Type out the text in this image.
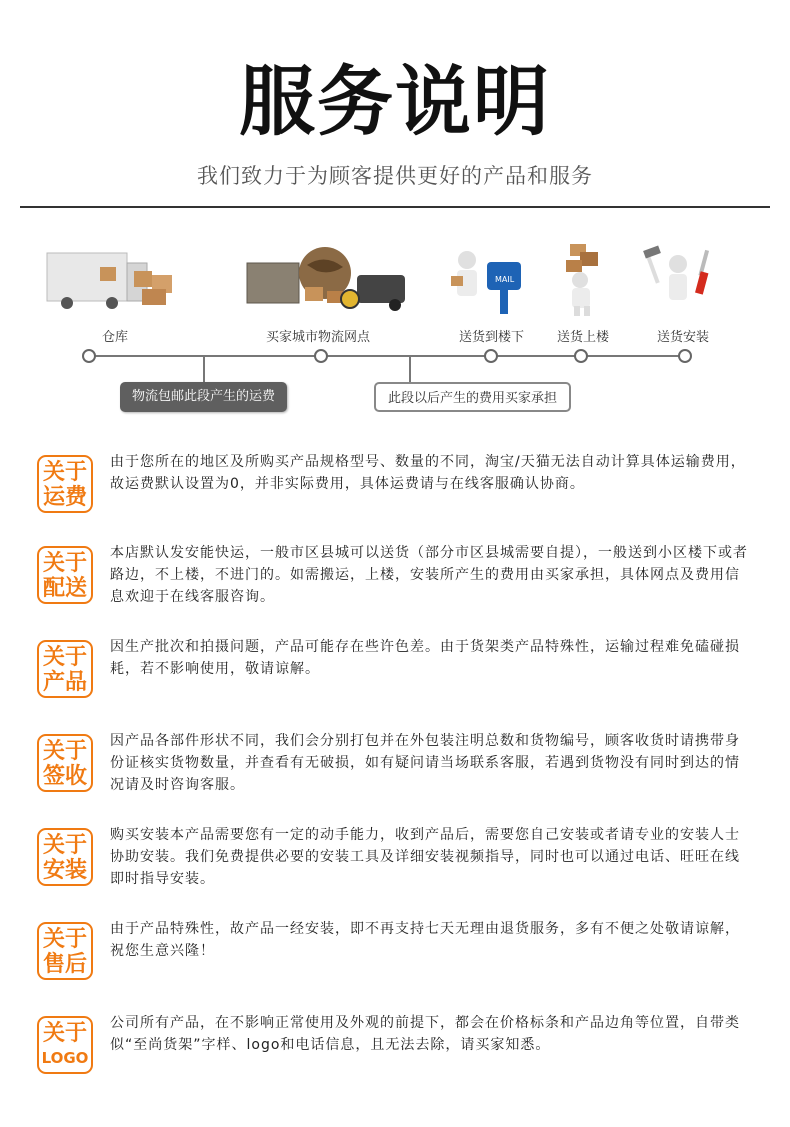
服务说明
我们致力于为顾客提供更好的产品和服务
MAIL
仓库	买家城市物流网点	送货到楼下	送货上楼	送货安装
物流包邮此段产生的运费	此段以后产生的费用买家承担
关于
运费
由于您所在的地区及所购买产品规格型号、数量的不同，淘宝/天猫无法自动计算具体运输费用，故运费默认设置为0，并非实际费用，具体运费请与在线客服确认协商。
关于
配送
本店默认发安能快运，一般市区县城可以送货（部分市区县城需要自提），一般送到小区楼下或者路边，不上楼，不进门的。如需搬运，上楼，安装所产生的费用由买家承担，具体网点及费用信息欢迎于在线客服咨询。
关于
产品
因生产批次和拍摄问题，产品可能存在些许色差。由于货架类产品特殊性，运输过程难免磕碰损耗，若不影响使用，敬请谅解。
关于
签收
因产品各部件形状不同，我们会分别打包并在外包装注明总数和货物编号，顾客收货时请携带身份证核实货物数量，并查看有无破损，如有疑问请当场联系客服，若遇到货物没有同时到达的情况请及时咨询客服。
关于
安装
购买安装本产品需要您有一定的动手能力，收到产品后，需要您自己安装或者请专业的安装人士协助安装。我们免费提供必要的安装工具及详细安装视频指导，同时也可以通过电话、旺旺在线即时指导安装。
关于
售后
由于产品特殊性，故产品一经安装，即不再支持七天无理由退货服务，多有不便之处敬请谅解，祝您生意兴隆！
关于
LOGO
公司所有产品，在不影响正常使用及外观的前提下，都会在价格标条和产品边角等位置，自带类似“至尚货架”字样、logo和电话信息，且无法去除，请买家知悉。
